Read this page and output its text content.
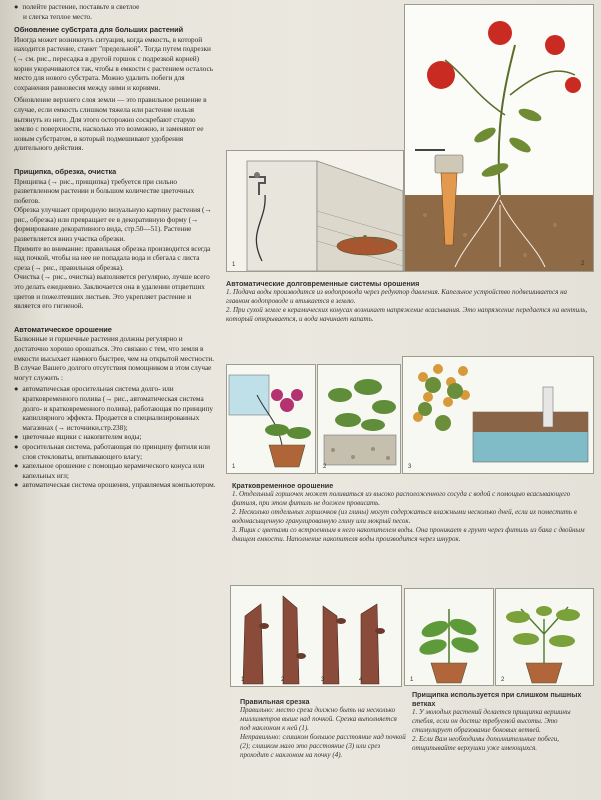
● полейте растение, поставьте в светлое

и слегка теплое место.

Обновление субстрата для больших растений

Иногда может возникнуть ситуация, когда емкость, в которой находится растение, станет "предельной". Тогда путем подрезки (→ см. рис., пересадка в другой горшок с подрезкой корней) корни укорачиваются так, чтобы в емкости с растением осталось место для нового субстрата. Можно удалить побеги для сохранения равновесия между ними и корнями.

Обновление верхнего слоя земли — это правильное решение в случае, если емкость слишком тяжела или растение нельзя вытянуть из него. Для этого осторожно соскребают старую землю с поверхности, насколько это возможно, и заменяют ее новым субстратом, в который подмешивают удобрения длительного действия.

Прищипка, обрезка, очистка

Прищипка (→ рис., прищипка) требуется при сильно разветвленном растении и большом количестве цветочных побегов.

Обрезка улучшает природную визуальную картину растения (→ рис., обрезка) или превращает ее в декоративную форму (→ формирование декоративного вида, стр.50—51). Растение разветвляется вниз участка обрезки.

Примите во внимание: правильная обрезка производится всегда над почкой, чтобы на нее не попадала вода и сбегала с листа среза (→ рис., правильная обрезка).

Очистка (→ рис., очистка) выполняется регулярно, лучше всего это делать ежедневно. Заключается она в удалении отцветших цветов и пожелтевших листьев. Это укрепляет растение и является его гигиеной.

Автоматическое орошение

Балконные и горшечные растения должны регулярно и достаточно хорошо орошаться. Это связано с тем, что земля в емкости высыхает намного быстрее, чем на открытой местности. В случае Вашего долгого отсутствия помощником в этом случае могут служить :

● автоматическая оросительная система долго- или кратковременного полива (→ рис., автоматическая система долго- и кратковременного полива), работающая по принципу капиллярного эффекта. Продается в специализированных магазинах (→ источники,стр.238);
● цветочные ящики с накопителем воды;
● оросительная система, работающая по принципу фитиля или слоя стекловаты, впитывающего влагу;
● капельное орошение с помощью керамического конуса или капельных игл;
● автоматическая система орошения, управляемая компьютером.
1	2
Автоматические долговременные системы орошения

1. Подача воды производится из водопровода через редуктор давления. Капельное устройство подвешивается на главном водопроводе и втыкается в землю.

2. При сухой земле в керамических конусах возникает напряжение всасывания. Это напряжение передается на вентиль, который открывается, и вода начинает капать.

1	2	3
Кратковременное орошение

1. Отдельный горшочек может поливаться из высоко расположенного сосуда с водой с помощью всасывающего фитиля, при этом фитиль не должен провисать.

2. Несколько отдельных горшочков (из глины) могут содержаться влажными несколько дней, если их поместить в водонасыщенную гранулированную глину или мокрый песок.

3. Ящик с цветами со встроенным в него накопителем воды. Она проникает в грунт через фитиль из бака с двойным днищем емкости. Наполнение накопителя воды производится через шнурок.

1	2	3	4	1	2
Правильная срезка

Правильно: место среза должно быть на несколько миллиметров выше над почкой. Срезка выполняется под наклоном к ней (1).

Неправильно: слишком большое расстояние над почкой (2); слишком мало это расстояние (3) или срез проходит с наклоном на почку (4).

Прищипка используется при слишком пышных ветках

1. У молодых растений делается прищипка вершины стебля, если он достиг требуемой высоты. Это стимулирует образование боковых ветвей.

2. Если Вам необходимы дополнительные побеги, отщипывайте верхушки уже имеющихся.
